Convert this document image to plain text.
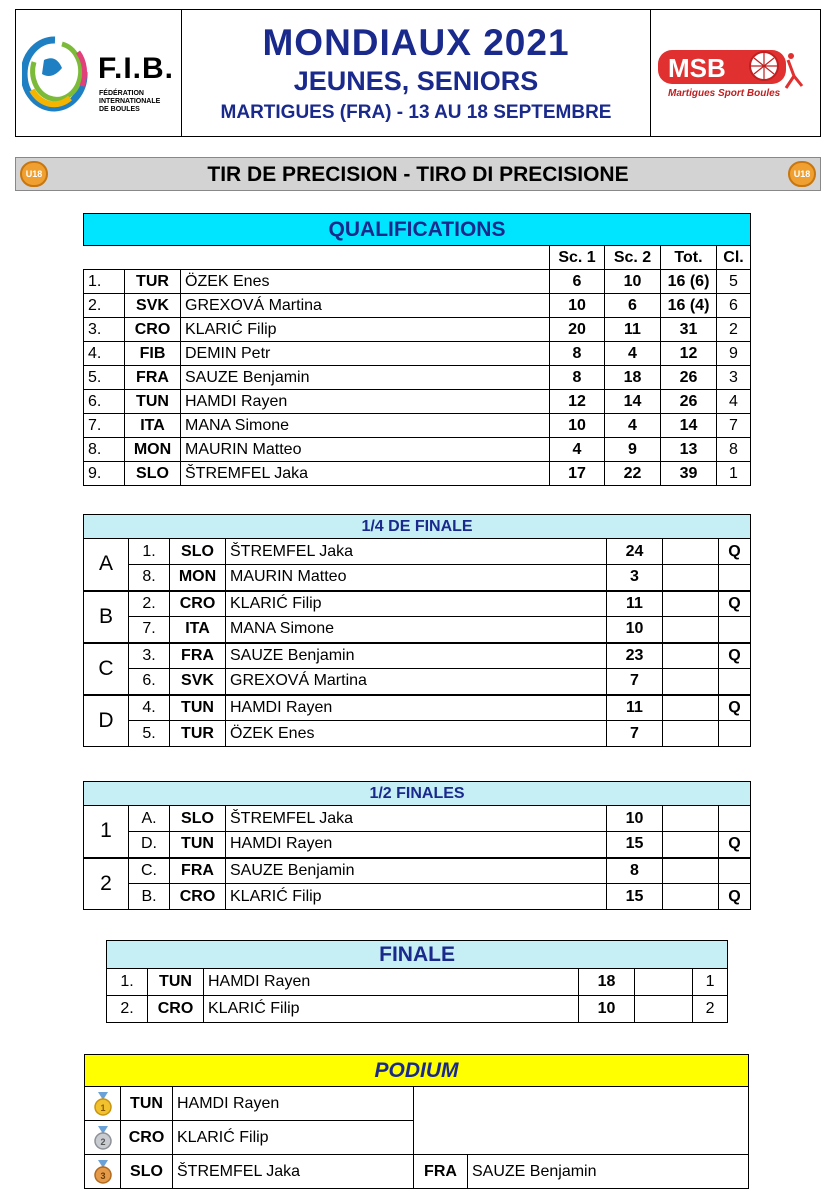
F.I.B.
FÉDÉRATION
INTERNATIONALE
DE BOULES
MONDIAUX 2021
JEUNES, SENIORS
MARTIGUES (FRA) - 13 AU 18 SEPTEMBRE
MSB
Martigues Sport Boules
U18	TIR DE PRECISION - TIRO DI PRECISIONE	U18
QUALIFICATIONS						
			Sc. 1	Sc. 2	Tot.	Cl.
1.	TUR	ÖZEK Enes	6	10	16 (6)	5
2.	SVK	GREXOVÁ Martina	10	6	16 (4)	6
3.	CRO	KLARIĆ Filip	20	11	31	2
4.	FIB	DEMIN Petr	8	4	12	9
5.	FRA	SAUZE Benjamin	8	18	26	3
6.	TUN	HAMDI Rayen	12	14	26	4
7.	ITA	MANA Simone	10	4	14	7
8.	MON	MAURIN Matteo	4	9	13	8
9.	SLO	ŠTREMFEL Jaka	17	22	39	1
1/4 DE FINALE						
A	1.	SLO	ŠTREMFEL Jaka	24		Q
	8.	MON	MAURIN Matteo	3		
B	2.	CRO	KLARIĆ Filip	11		Q
	7.	ITA	MANA Simone	10		
C	3.	FRA	SAUZE Benjamin	23		Q
	6.	SVK	GREXOVÁ Martina	7		
D	4.	TUN	HAMDI Rayen	11		Q
	5.	TUR	ÖZEK Enes	7		
1/2 FINALES						
1	A.	SLO	ŠTREMFEL Jaka	10		
	D.	TUN	HAMDI Rayen	15		Q
2	C.	FRA	SAUZE Benjamin	8		
	B.	CRO	KLARIĆ Filip	15		Q
FINALE					
1.	TUN	HAMDI Rayen	18		1
2.	CRO	KLARIĆ Filip	10		2
PODIUM				

1	TUN	HAMDI Rayen		

2	CRO	KLARIĆ Filip		

3	SLO	ŠTREMFEL Jaka	FRA	SAUZE Benjamin
